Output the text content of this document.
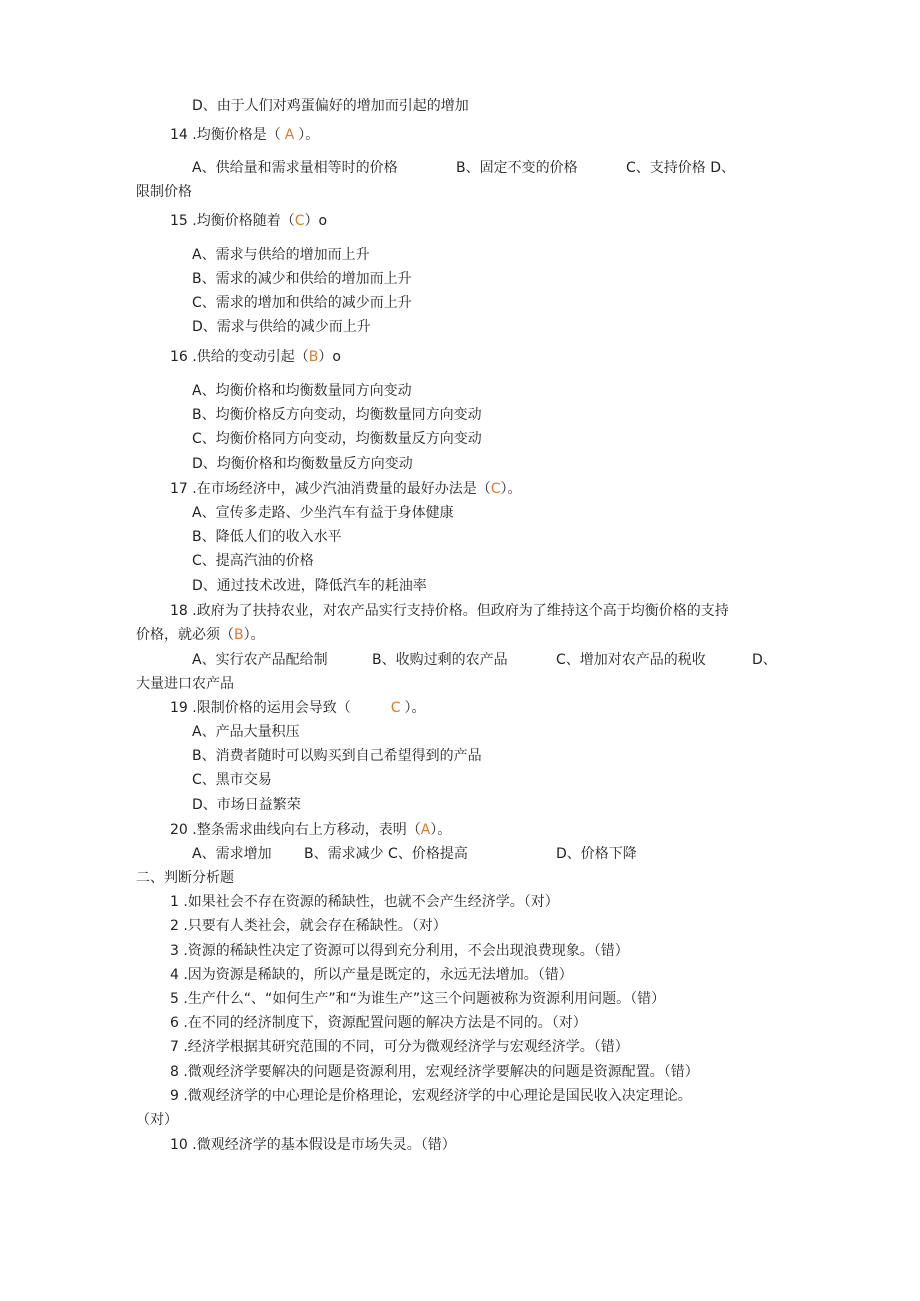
D、由于人们对鸡蛋偏好的增加而引起的增加
14 .均衡价格是（ A ）。
A、供给量和需求量相等时的价格	B、固定不变的价格	C、支持价格 D、
限制价格
15 .均衡价格随着（C）o
A、需求与供给的增加而上升
B、需求的减少和供给的增加而上升
C、需求的增加和供给的减少而上升
D、需求与供给的减少而上升
16 .供给的变动引起（B）o
A、均衡价格和均衡数量同方向变动
B、均衡价格反方向变动，均衡数量同方向变动
C、均衡价格同方向变动，均衡数量反方向变动
D、均衡价格和均衡数量反方向变动
17 .在市场经济中，减少汽油消费量的最好办法是（C）。
A、宣传多走路、少坐汽车有益于身体健康
B、降低人们的收入水平
C、提高汽油的价格
D、通过技术改进，降低汽车的耗油率
18 .政府为了扶持农业，对农产品实行支持价格。但政府为了维持这个高于均衡价格的支持
价格，就必须（B）。
A、实行农产品配给制	B、收购过剩的农产品	C、增加对农产品的税收	D、
大量进口农产品
19 .限制价格的运用会导致（	C ）。
A、产品大量积压
B、消费者随时可以购买到自己希望得到的产品
C、黑市交易
D、市场日益繁荣
20 .整条需求曲线向右上方移动，表明（A）。
A、需求增加 B、需求减少 C、价格提高	D、价格下降
二、判断分析题
1 .如果社会不存在资源的稀缺性，也就不会产生经济学。（对）
2 .只要有人类社会，就会存在稀缺性。（对）
3 .资源的稀缺性决定了资源可以得到充分利用，不会出现浪费现象。（错）
4 .因为资源是稀缺的，所以产量是既定的，永远无法增加。（错）
5 .生产什么“、“如何生产”和“为谁生产”这三个问题被称为资源利用问题。（错）
6 .在不同的经济制度下，资源配置问题的解决方法是不同的。（对）
7 .经济学根据其研究范围的不同，可分为微观经济学与宏观经济学。（错）
8 .微观经济学要解决的问题是资源利用，宏观经济学要解决的问题是资源配置。（错）
9 .微观经济学的中心理论是价格理论，宏观经济学的中心理论是国民收入决定理论。
（对）
10 .微观经济学的基本假设是市场失灵。（错）
